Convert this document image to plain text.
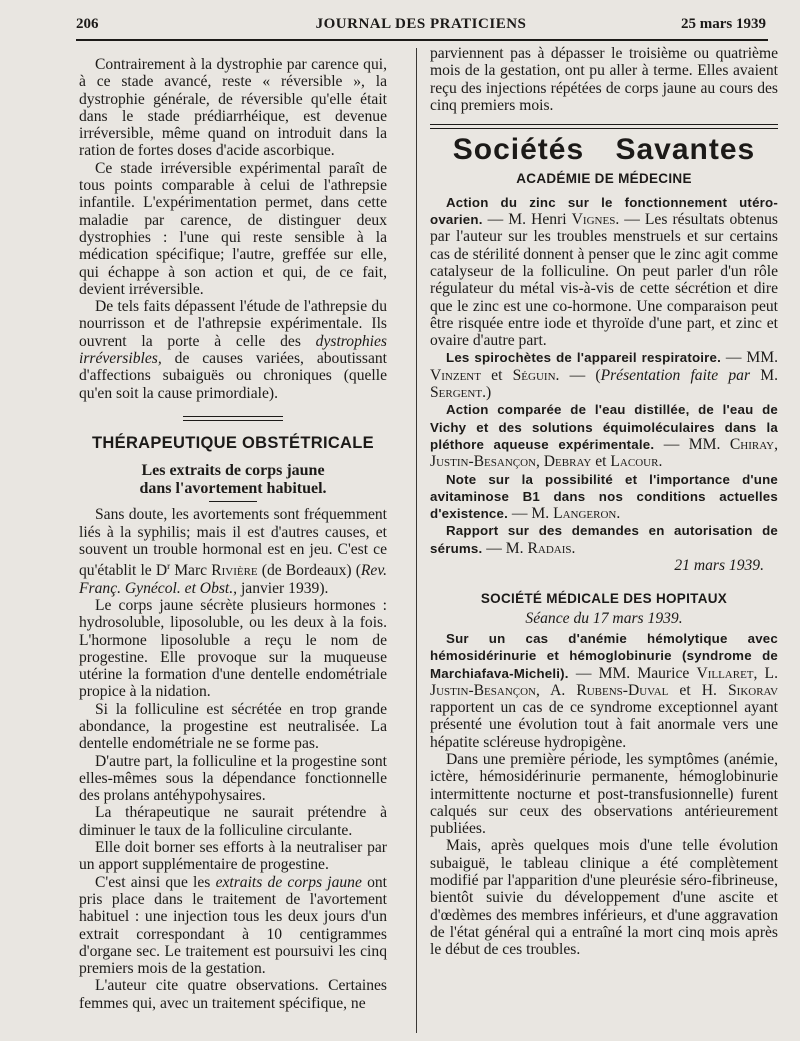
206	JOURNAL DES PRATICIENS	25 mars 1939

Contrairement à la dystrophie par carence qui, à ce stade avancé, reste « réversible », la dystrophie générale, de réversible qu'elle était dans le stade prédiarrhéique, est devenue irréversible, même quand on introduit dans la ration de fortes doses d'acide ascorbique.

Ce stade irréversible expérimental paraît de tous points comparable à celui de l'athrepsie infantile. L'expérimentation permet, dans cette maladie par carence, de distinguer deux dystrophies : l'une qui reste sensible à la médication spécifique; l'autre, greffée sur elle, qui échappe à son action et qui, de ce fait, devient irréversible.

De tels faits dépassent l'étude de l'athrepsie du nourrisson et de l'athrepsie expérimentale. Ils ouvrent la porte à celle des dystrophies irréversibles, de causes variées, aboutissant d'affections subaiguës ou chroniques (quelle qu'en soit la cause primordiale).

THÉRAPEUTIQUE OBSTÉTRICALE
Les extraits de corps jaune
dans l'avortement habituel.

Sans doute, les avortements sont fréquemment liés à la syphilis; mais il est d'autres causes, et souvent un trouble hormonal est en jeu. C'est ce qu'établit le $D^r$ Marc Rivière (de Bordeaux) (Rev. Franç. Gynécol. et Obst., janvier 1939).

Le corps jaune sécrète plusieurs hormones : hydrosoluble, liposoluble, ou les deux à la fois. L'hormone liposoluble a reçu le nom de progestine. Elle provoque sur la muqueuse utérine la formation d'une dentelle endométriale propice à la nidation.

Si la folliculine est sécrétée en trop grande abondance, la progestine est neutralisée. La dentelle endométriale ne se forme pas.

D'autre part, la folliculine et la progestine sont elles-mêmes sous la dépendance fonctionnelle des prolans antéhypohysaires.

La thérapeutique ne saurait prétendre à diminuer le taux de la folliculine circulante.

Elle doit borner ses efforts à la neutraliser par un apport supplémentaire de progestine.

C'est ainsi que les extraits de corps jaune ont pris place dans le traitement de l'avortement habituel : une injection tous les deux jours d'un extrait correspondant à 10 centigrammes d'organe sec. Le traitement est poursuivi les cinq premiers mois de la gestation.

L'auteur cite quatre observations. Certaines femmes qui, avec un traitement spécifique, ne

parviennent pas à dépasser le troisième ou quatrième mois de la gestation, ont pu aller à terme. Elles avaient reçu des injections répétées de corps jaune au cours des cinq premiers mois.

Sociétés Savantes
ACADÉMIE DE MÉDECINE

Action du zinc sur le fonctionnement utéro-ovarien. — M. Henri Vignes. — Les résultats obtenus par l'auteur sur les troubles menstruels et sur certains cas de stérilité donnent à penser que le zinc agit comme catalyseur de la folliculine. On peut parler d'un rôle régulateur du métal vis-à-vis de cette sécrétion et dire que le zinc est une co-hormone. Une comparaison peut être risquée entre iode et thyroïde d'une part, et zinc et ovaire d'autre part.

Les spirochètes de l'appareil respiratoire. — MM. Vinzent et Séguin. — (Présentation faite par M. Sergent.)

Action comparée de l'eau distillée, de l'eau de Vichy et des solutions équimoléculaires dans la pléthore aqueuse expérimentale. — MM. Chiray, Justin-Besançon, Debray et Lacour.

Note sur la possibilité et l'importance d'une avitaminose B1 dans nos conditions actuelles d'existence. — M. Langeron.

Rapport sur des demandes en autorisation de sérums. — M. Radais.

21 mars 1939.
SOCIÉTÉ MÉDICALE DES HOPITAUX
Séance du 17 mars 1939.

Sur un cas d'anémie hémolytique avec hémosidérinurie et hémoglobinurie (syndrome de Marchiafava-Micheli). — MM. Maurice Villaret, L. Justin-Besançon, A. Rubens-Duval et H. Sikorav rapportent un cas de ce syndrome exceptionnel ayant présenté une évolution tout à fait anormale vers une hépatite scléreuse hydropigène.

Dans une première période, les symptômes (anémie, ictère, hémosidérinurie permanente, hémoglobinurie intermittente nocturne et post-transfusionnelle) furent calqués sur ceux des observations antérieurement publiées.

Mais, après quelques mois d'une telle évolution subaiguë, le tableau clinique a été complètement modifié par l'apparition d'une pleurésie séro-fibrineuse, bientôt suivie du développement d'une ascite et d'œdèmes des membres inférieurs, et d'une aggravation de l'état général qui a entraîné la mort cinq mois après le début de ces troubles.
